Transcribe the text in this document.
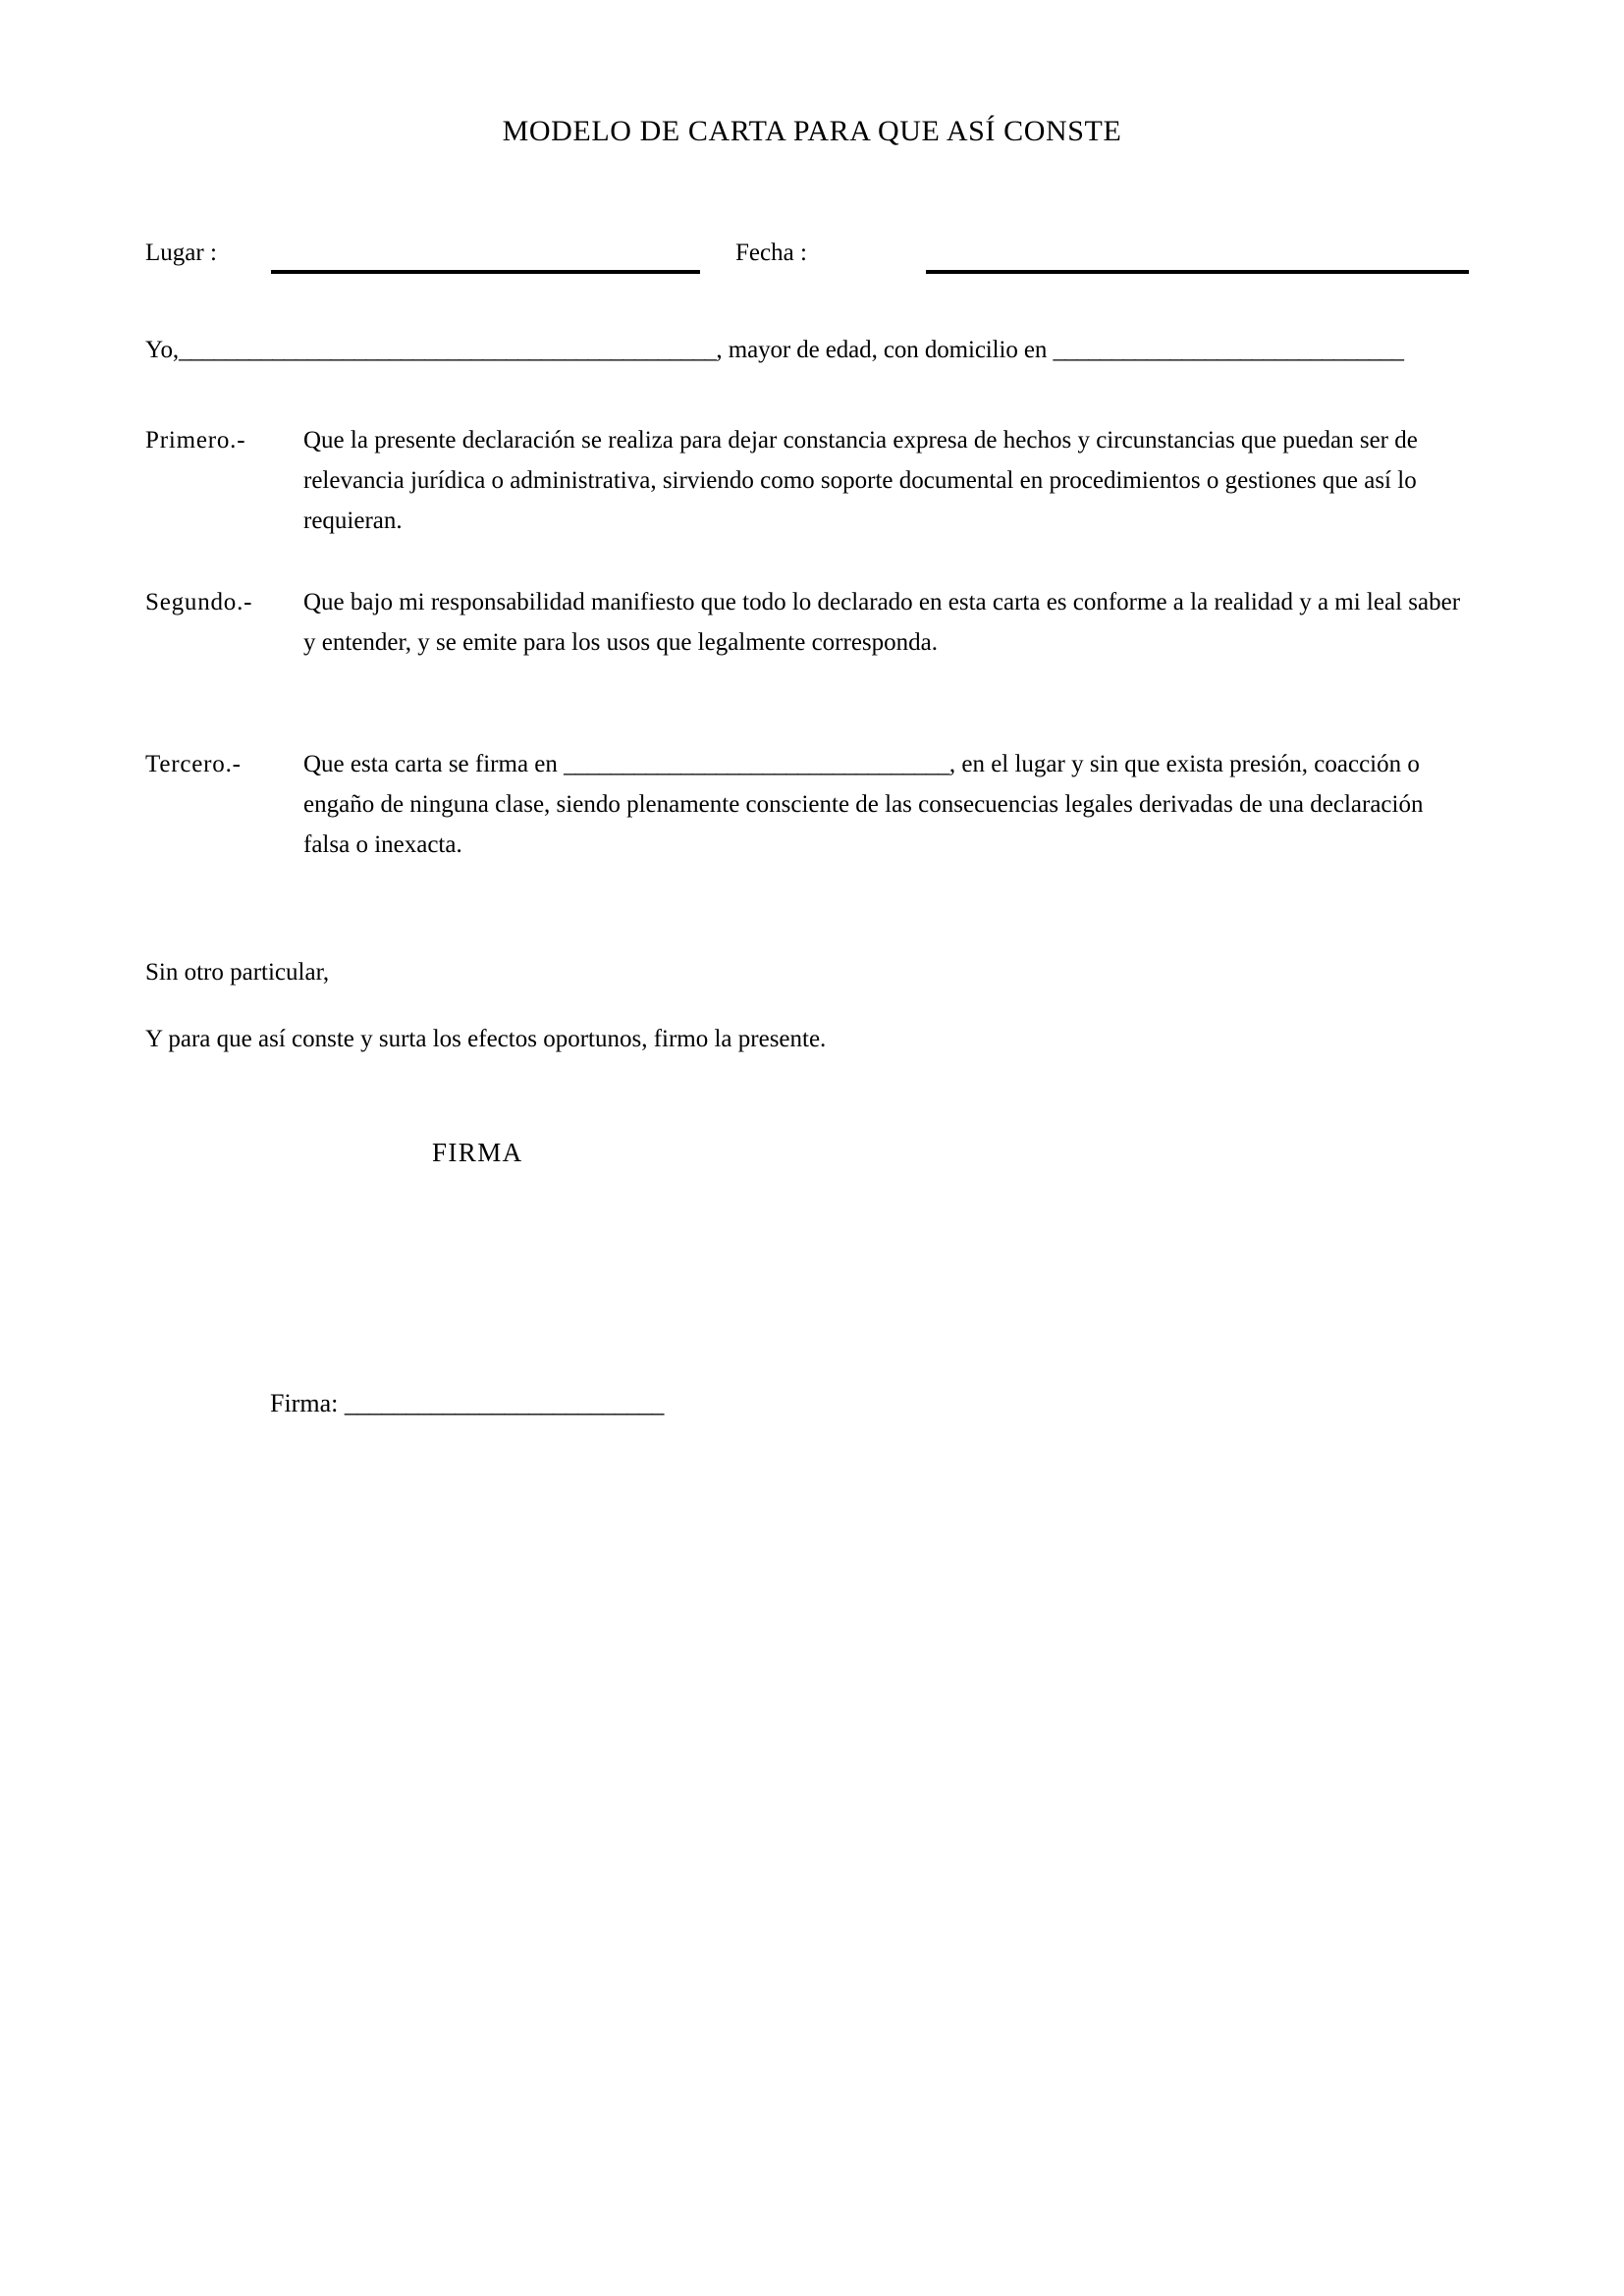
MODELO DE CARTA PARA QUE ASÍ CONSTE
Lugar :	Fecha :
Yo,______________________________________________, mayor de edad, con domicilio en ______________________________
Primero.-	Que la presente declaración se realiza para dejar constancia expresa de hechos y circunstancias que puedan ser de relevancia jurídica o administrativa, sirviendo como soporte documental en procedimientos o gestiones que así lo requieran.

Segundo.-	Que bajo mi responsabilidad manifiesto que todo lo declarado en esta carta es conforme a la realidad y a mi leal saber y entender, y se emite para los usos que legalmente corresponda.

Tercero.-	Que esta carta se firma en _________________________________, en el lugar y sin que exista presión, coacción o engaño de ninguna clase, siendo plenamente consciente de las consecuencias legales derivadas de una declaración falsa o inexacta.

Sin otro particular,
Y para que así conste y surta los efectos oportunos, firmo la presente.
FIRMA
Firma: __________________________
